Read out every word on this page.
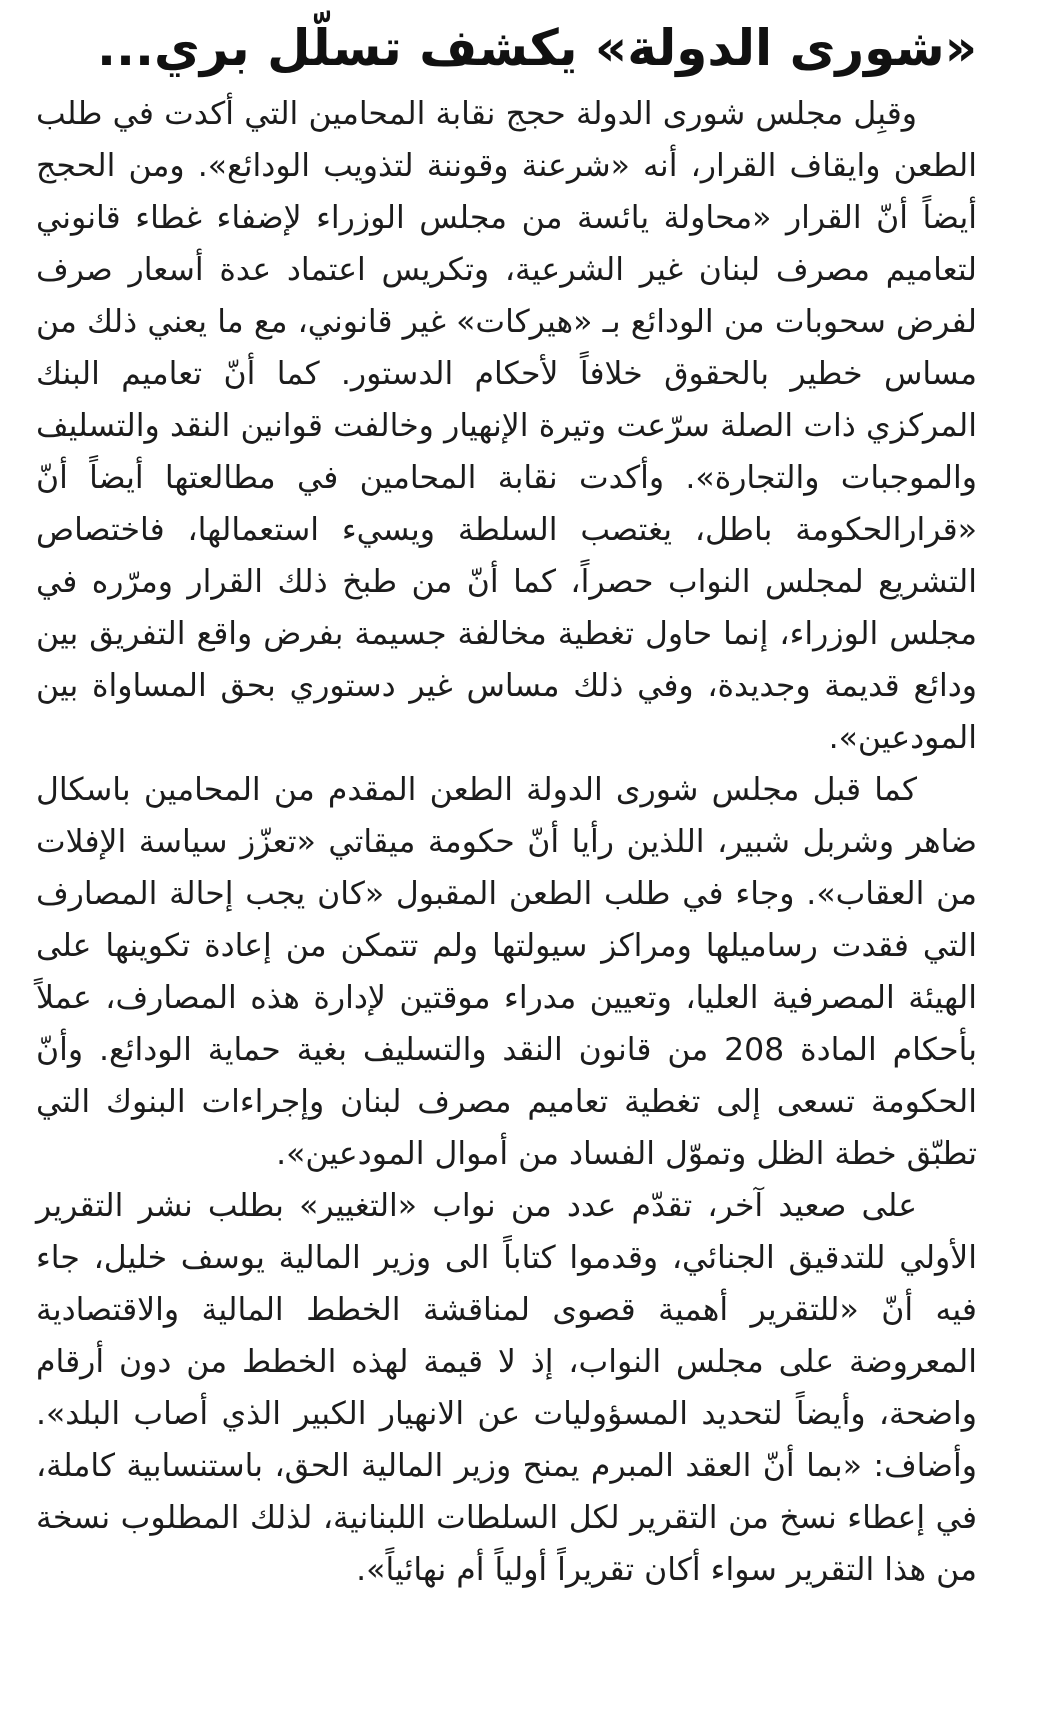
«شورى الدولة» يكشف تسلّل بري...

وقبِل مجلس شورى الدولة حجج نقابة المحامين التي أكدت في طلب الطعن وايقاف القرار، أنه «شرعنة وقوننة لتذويب الودائع». ومن الحجج أيضاً أنّ القرار «محاولة يائسة من مجلس الوزراء لإضفاء غطاء قانوني لتعاميم مصرف لبنان غير الشرعية، وتكريس اعتماد عدة أسعار صرف لفرض سحوبات من الودائع بـ «هيركات» غير قانوني، مع ما يعني ذلك من مساس خطير بالحقوق خلافاً لأحكام الدستور. كما أنّ تعاميم البنك المركزي ذات الصلة سرّعت وتيرة الإنهيار وخالفت قوانين النقد والتسليف والموجبات والتجارة». وأكدت نقابة المحامين في مطالعتها أيضاً أنّ «قرارالحكومة باطل، يغتصب السلطة ويسيء استعمالها، فاختصاص التشريع لمجلس النواب حصراً، كما أنّ من طبخ ذلك القرار ومرّره في مجلس الوزراء، إنما حاول تغطية مخالفة جسيمة بفرض واقع التفريق بين ودائع قديمة وجديدة، وفي ذلك مساس غير دستوري بحق المساواة بين المودعين».

كما قبل مجلس شورى الدولة الطعن المقدم من المحامين باسكال ضاهر وشربل شبير، اللذين رأيا أنّ حكومة ميقاتي «تعزّز سياسة الإفلات من العقاب». وجاء في طلب الطعن المقبول «كان يجب إحالة المصارف التي فقدت رساميلها ومراكز سيولتها ولم تتمكن من إعادة تكوينها على الهيئة المصرفية العليا، وتعيين مدراء موقتين لإدارة هذه المصارف، عملاً بأحكام المادة 208 من قانون النقد والتسليف بغية حماية الودائع. وأنّ الحكومة تسعى إلى تغطية تعاميم مصرف لبنان وإجراءات البنوك التي تطبّق خطة الظل وتموّل الفساد من أموال المودعين».

على صعيد آخر، تقدّم عدد من نواب «التغيير» بطلب نشر التقرير الأولي للتدقيق الجنائي، وقدموا كتاباً الى وزير المالية يوسف خليل، جاء فيه أنّ «للتقرير أهمية قصوى لمناقشة الخطط المالية والاقتصادية المعروضة على مجلس النواب، إذ لا قيمة لهذه الخطط من دون أرقام واضحة، وأيضاً لتحديد المسؤوليات عن الانهيار الكبير الذي أصاب البلد». وأضاف: «بما أنّ العقد المبرم يمنح وزير المالية الحق، باستنسابية كاملة، في إعطاء نسخ من التقرير لكل السلطات اللبنانية، لذلك المطلوب نسخة من هذا التقرير سواء أكان تقريراً أولياً أم نهائياً».
